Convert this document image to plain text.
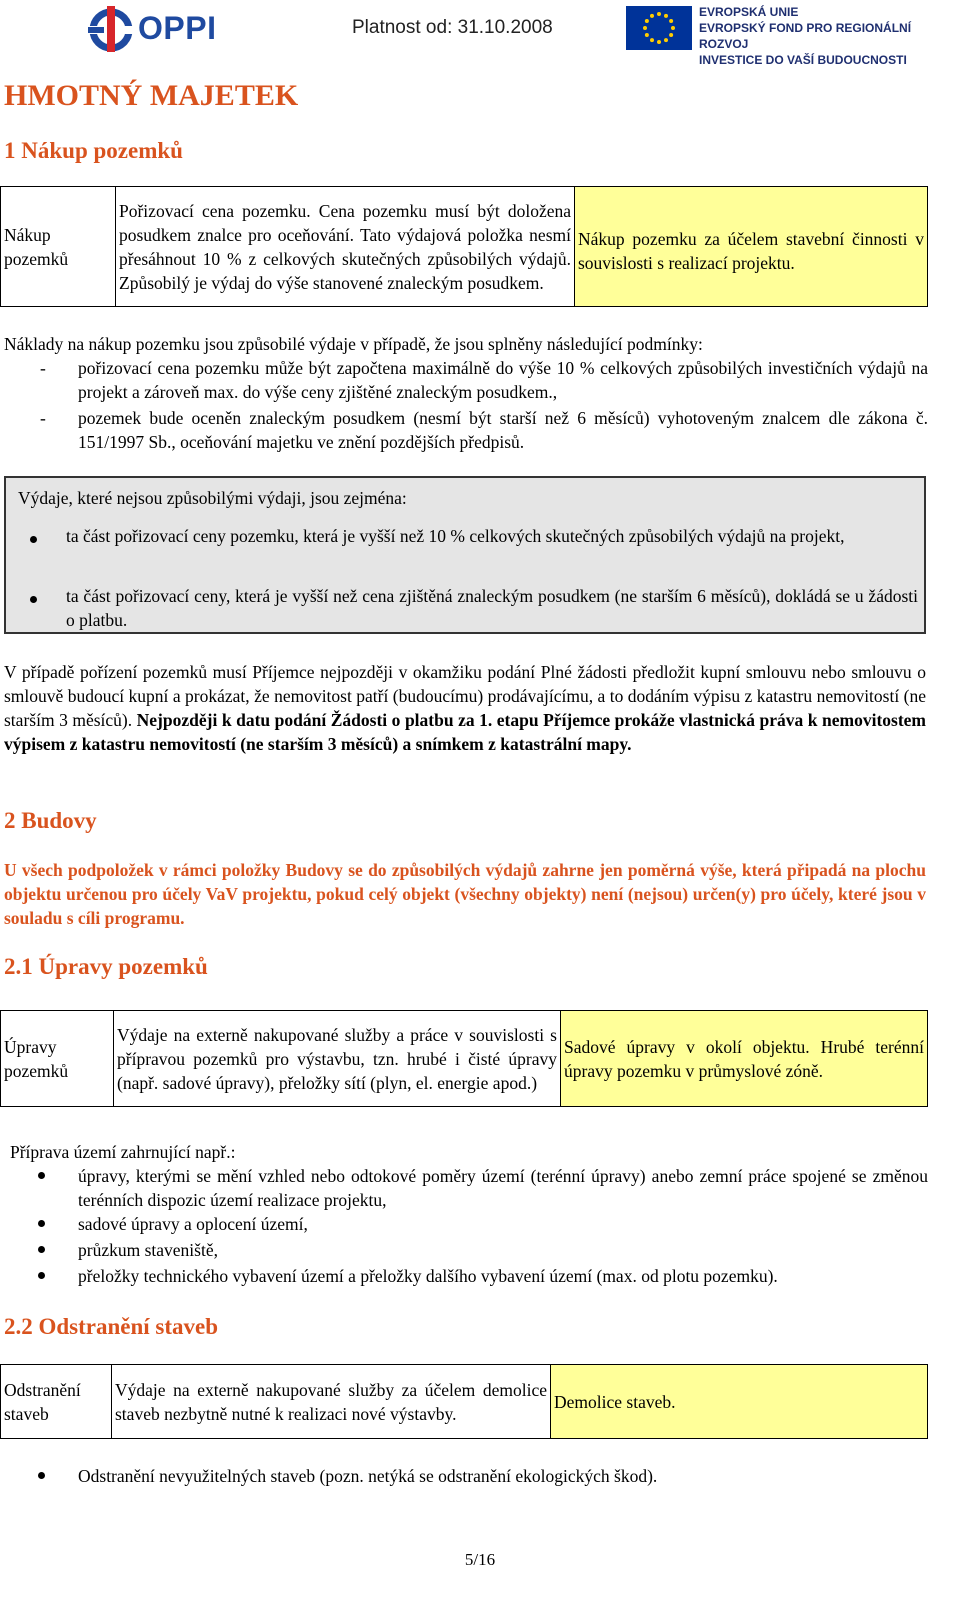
OPPI	Platnost od: 31.10.2008
EVROPSKÁ UNIE
EVROPSKÝ FOND PRO REGIONÁLNÍ ROZVOJ
INVESTICE DO VAŠÍ BUDOUCNOSTI
HMOTNÝ MAJETEK
1 Nákup pozemků
Nákup pozemků	Pořizovací cena pozemku. Cena pozemku musí být doložena posudkem znalce pro oceňování. Tato výdajová položka nesmí přesáhnout 10 % z celkových skutečných způsobilých výdajů. Způsobilý je výdaj do výše stanovené znaleckým posudkem.	Nákup pozemku za účelem stavební činnosti v souvislosti s realizací projektu.
Náklady na nákup pozemku jsou způsobilé výdaje v případě, že jsou splněny následující podmínky:
- pořizovací cena pozemku může být započtena maximálně do výše 10 % celkových způsobilých investičních výdajů na projekt a zároveň max. do výše ceny zjištěné znaleckým posudkem.,
- pozemek bude oceněn znaleckým posudkem (nesmí být starší než 6 měsíců) vyhotoveným znalcem dle zákona č. 151/1997 Sb., oceňování majetku ve znění pozdějších předpisů.
Výdaje, které nejsou způsobilými výdaji, jsou zejména:
ta část pořizovací ceny pozemku, která je vyšší než 10 % celkových skutečných způsobilých výdajů na projekt,
ta část pořizovací ceny, která je vyšší než cena zjištěná znaleckým posudkem (ne starším 6 měsíců), dokládá se u žádosti o platbu.
V případě pořízení pozemků musí Příjemce nejpozději v okamžiku podání Plné žádosti předložit kupní smlouvu nebo smlouvu o smlouvě budoucí kupní a prokázat, že nemovitost patří (budoucímu) prodávajícímu, a to dodáním výpisu z katastru nemovitostí (ne starším 3 měsíců). Nejpozději k datu podání Žádosti o platbu za 1. etapu Příjemce prokáže vlastnická práva k nemovitostem výpisem z katastru nemovitostí (ne starším 3 měsíců) a snímkem z katastrální mapy.
2 Budovy
U všech podpoložek v rámci položky Budovy se do způsobilých výdajů zahrne jen poměrná výše, která připadá na plochu objektu určenou pro účely VaV projektu, pokud celý objekt (všechny objekty) není (nejsou) určen(y) pro účely, které jsou v souladu s cíli programu.
2.1 Úpravy pozemků
Úpravy pozemků	Výdaje na externě nakupované služby a práce v souvislosti s přípravou pozemků pro výstavbu, tzn. hrubé i čisté úpravy (např. sadové úpravy), přeložky sítí (plyn, el. energie apod.)	Sadové úpravy v okolí objektu. Hrubé terénní úpravy pozemku v průmyslové zóně.
Příprava území zahrnující např.:
úpravy, kterými se mění vzhled nebo odtokové poměry území (terénní úpravy) anebo zemní práce spojené se změnou terénních dispozic území realizace projektu,
sadové úpravy a oplocení území,
průzkum staveniště,
přeložky technického vybavení území a přeložky dalšího vybavení území (max. od plotu pozemku).
2.2 Odstranění staveb
Odstranění staveb	Výdaje na externě nakupované služby za účelem demolice staveb nezbytně nutné k realizaci nové výstavby.	Demolice staveb.
Odstranění nevyužitelných staveb (pozn. netýká se odstranění ekologických škod).
5/16
